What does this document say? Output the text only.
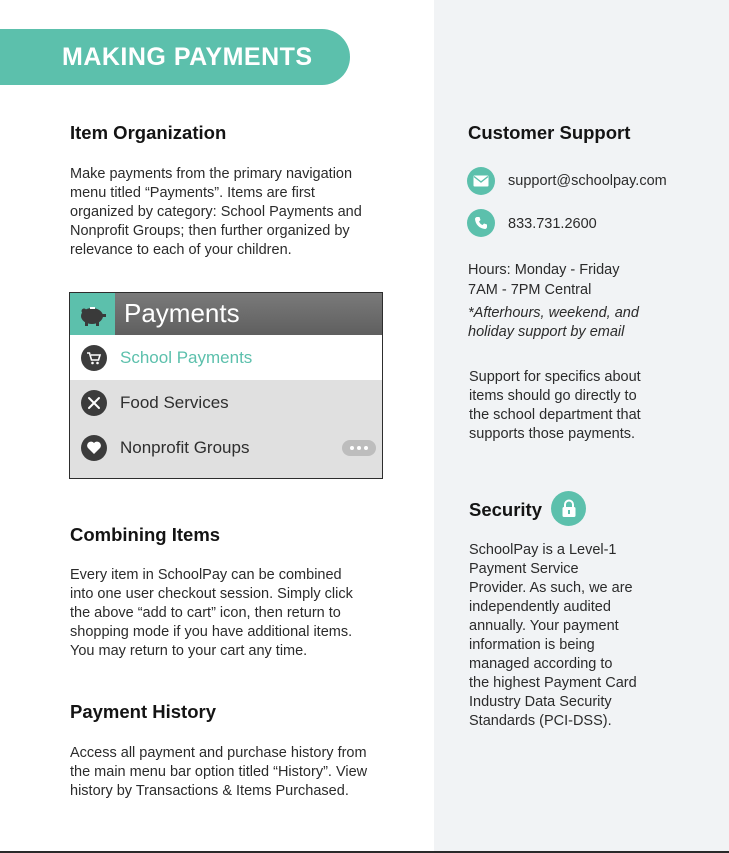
MAKING PAYMENTS
Item Organization
Make payments from the primary navigation
menu titled “Payments”. Items are first
organized by category: School Payments and
Nonprofit Groups; then further organized by
relevance to each of your children.
Payments
School Payments
Food Services
Nonprofit Groups
Combining Items
Every item in SchoolPay can be combined
into one user checkout session. Simply click
the above “add to cart” icon, then return to
shopping mode if you have additional items.
You may return to your cart any time.
Payment History
Access all payment and purchase history from
the main menu bar option titled “History”. View
history by Transactions & Items Purchased.
Customer Support
support@schoolpay.com
833.731.2600
Hours: Monday - Friday
7AM - 7PM Central
*Afterhours, weekend, and
holiday support by email
Support for specifics about
items should go directly to
the school department that
supports those payments.
Security
SchoolPay is a Level-1
Payment Service
Provider. As such, we are
independently audited
annually. Your payment
information is being
managed according to
the highest Payment Card
Industry Data Security
Standards (PCI-DSS).
